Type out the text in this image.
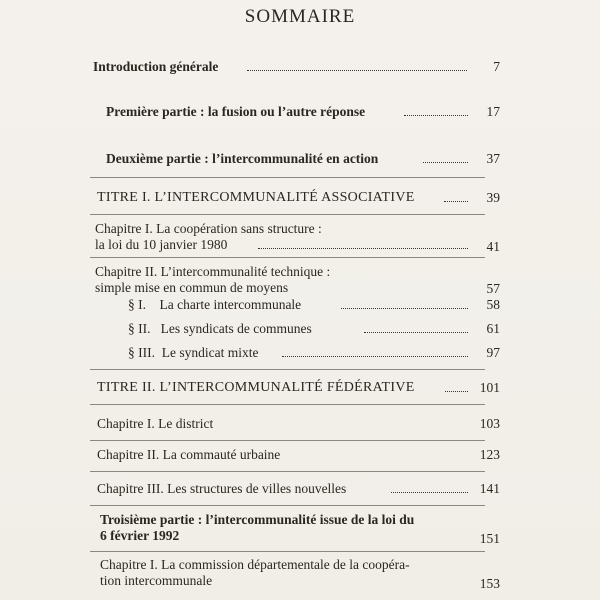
SOMMAIRE
Introduction générale	7
Première partie : la fusion ou l’autre réponse	17
Deuxième partie : l’intercommunalité en action	37
TITRE I. L’INTERCOMMUNALITÉ ASSOCIATIVE	39
Chapitre I. La coopération sans structure :
la loi du 10 janvier 1980	41
Chapitre II. L’intercommunalité technique :
simple mise en commun de moyens	57
§ I.    La charte intercommunale	58
§ II.   Les syndicats de communes	61
§ III.  Le syndicat mixte	97
TITRE II. L’INTERCOMMUNALITÉ FÉDÉRATIVE	101
Chapitre I. Le district	103
Chapitre II. La commauté urbaine	123
Chapitre III. Les structures de villes nouvelles	141
Troisième partie : l’intercommunalité issue de la loi du
6 février 1992	151
Chapitre I. La commission départementale de la coopéra-
tion intercommunale	153
